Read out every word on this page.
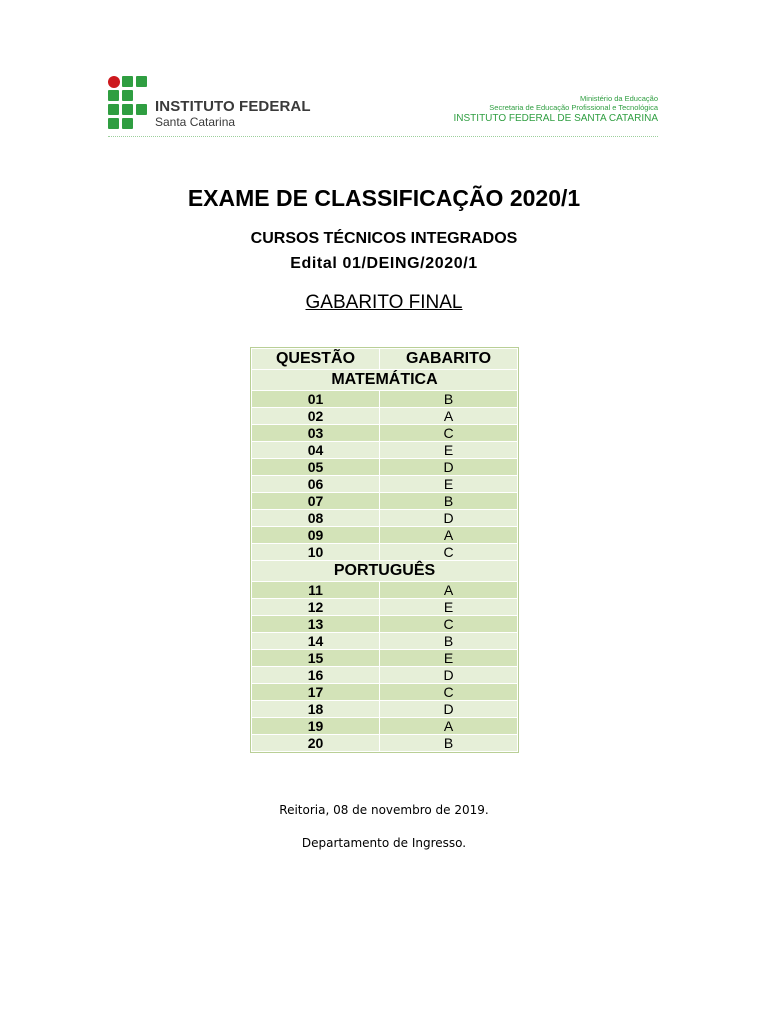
INSTITUTO FEDERAL
Santa Catarina
Ministério da Educação
Secretaria de Educação Profissional e Tecnológica
INSTITUTO FEDERAL DE SANTA CATARINA
EXAME DE CLASSIFICAÇÃO 2020/1
CURSOS TÉCNICOS INTEGRADOS
Edital 01/DEING/2020/1
GABARITO FINAL
QUESTÃO	GABARITO
MATEMÁTICA	
01	B
02	A
03	C
04	E
05	D
06	E
07	B
08	D
09	A
10	C
PORTUGUÊS	
11	A
12	E
13	C
14	B
15	E
16	D
17	C
18	D
19	A
20	B
Reitoria, 08 de novembro de 2019.
Departamento de Ingresso.
